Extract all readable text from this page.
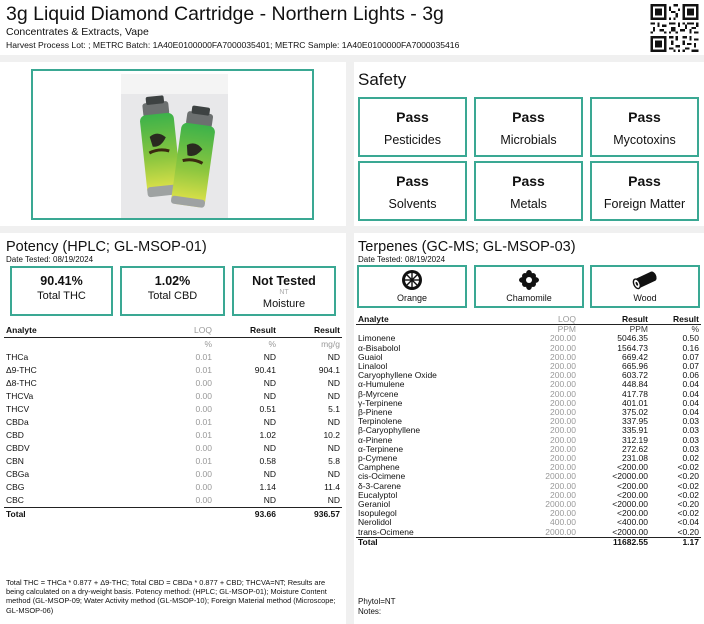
3g Liquid Diamond Cartridge - Northern Lights - 3g
Concentrates & Extracts, Vape
Harvest Process Lot: ; METRC Batch: 1A40E0100000FA7000035401; METRC Sample: 1A40E0100000FA7000035416
Safety
Pass
Pesticides
Pass
Microbials
Pass
Mycotoxins
Pass
Solvents
Pass
Metals
Pass
Foreign Matter
Potency (HPLC; GL-MSOP-01)
Date Tested: 08/19/2024
90.41%
Total THC
1.02%
Total CBD
Not Tested
NT
Moisture
Analyte	LOQ	Result	Result
	%	%	mg/g
THCa	0.01	ND	ND
Δ9-THC	0.01	90.41	904.1
Δ8-THC	0.00	ND	ND
THCVa	0.00	ND	ND
THCV	0.00	0.51	5.1
CBDa	0.01	ND	ND
CBD	0.01	1.02	10.2
CBDV	0.00	ND	ND
CBN	0.01	0.58	5.8
CBGa	0.00	ND	ND
CBG	0.00	1.14	11.4
CBC	0.00	ND	ND
Total		93.66	936.57
Total THC = THCa * 0.877 + Δ9-THC; Total CBD = CBDa * 0.877 + CBD; THCVA=NT; Results are being calculated on a dry-weight basis. Potency method: (HPLC; GL-MSOP-01); Moisture Content method (GL-MSOP-09; Water Activity method (GL-MSOP-10); Foreign Material method (Microscope; GL-MSOP-06)
Terpenes (GC-MS; GL-MSOP-03)
Date Tested: 08/19/2024
Orange	Chamomile	Wood
Analyte	LOQ	Result	Result
	PPM	PPM	%
Limonene	200.00	5046.35	0.50
α-Bisabolol	200.00	1564.73	0.16
Guaiol	200.00	669.42	0.07
Linalool	200.00	665.96	0.07
Caryophyllene Oxide	200.00	603.72	0.06
α-Humulene	200.00	448.84	0.04
β-Myrcene	200.00	417.78	0.04
γ-Terpinene	200.00	401.01	0.04
β-Pinene	200.00	375.02	0.04
Terpinolene	200.00	337.95	0.03
β-Caryophyllene	200.00	335.91	0.03
α-Pinene	200.00	312.19	0.03
α-Terpinene	200.00	272.62	0.03
p-Cymene	200.00	231.08	0.02
Camphene	200.00	<200.00	<0.02
cis-Ocimene	2000.00	<2000.00	<0.20
δ-3-Carene	200.00	<200.00	<0.02
Eucalyptol	200.00	<200.00	<0.02
Geraniol	2000.00	<2000.00	<0.20
Isopulegol	200.00	<200.00	<0.02
Nerolidol	400.00	<400.00	<0.04
trans-Ocimene	2000.00	<2000.00	<0.20
Total		11682.55	1.17
Phytol=NT
Notes:
